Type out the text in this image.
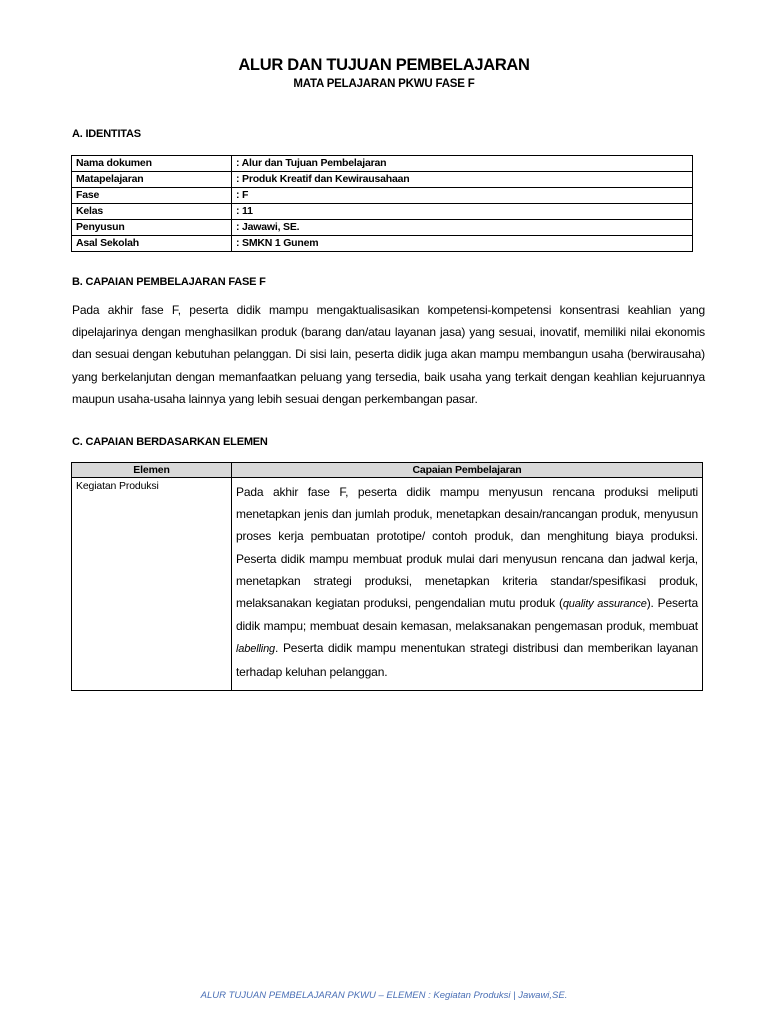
ALUR DAN TUJUAN PEMBELAJARAN
MATA PELAJARAN PKWU FASE F
A. IDENTITAS
Nama dokumen	: Alur dan Tujuan Pembelajaran
Matapelajaran	: Produk Kreatif dan Kewirausahaan
Fase	: F
Kelas	: 11
Penyusun	: Jawawi, SE.
Asal Sekolah	: SMKN 1 Gunem
B. CAPAIAN PEMBELAJARAN FASE F
Pada akhir fase F, peserta didik mampu mengaktualisasikan kompetensi-kompetensi konsentrasi keahlian yang dipelajarinya dengan menghasilkan produk (barang dan/atau layanan jasa) yang sesuai, inovatif, memiliki nilai ekonomis dan sesuai dengan kebutuhan pelanggan. Di sisi lain, peserta didik juga akan mampu membangun usaha (berwirausaha) yang berkelanjutan dengan memanfaatkan peluang yang tersedia, baik usaha yang terkait dengan keahlian kejuruannya maupun usaha-usaha lainnya yang lebih sesuai dengan perkembangan pasar.
C. CAPAIAN BERDASARKAN ELEMEN
Elemen	Capaian Pembelajaran
Kegiatan Produksi	Pada akhir fase F, peserta didik mampu menyusun rencana produksi meliputi menetapkan jenis dan jumlah produk, menetapkan desain/rancangan produk, menyusun proses kerja pembuatan prototipe/ contoh produk, dan menghitung biaya produksi. Peserta didik mampu membuat produk mulai dari menyusun rencana dan jadwal kerja, menetapkan strategi produksi, menetapkan kriteria standar/spesifikasi produk, melaksanakan kegiatan produksi, pengendalian mutu produk (quality assurance). Peserta didik mampu; membuat desain kemasan, melaksanakan pengemasan produk, membuat labelling. Peserta didik mampu menentukan strategi distribusi dan memberikan layanan terhadap keluhan pelanggan.
ALUR TUJUAN PEMBELAJARAN PKWU – ELEMEN : Kegiatan Produksi | Jawawi,SE.
